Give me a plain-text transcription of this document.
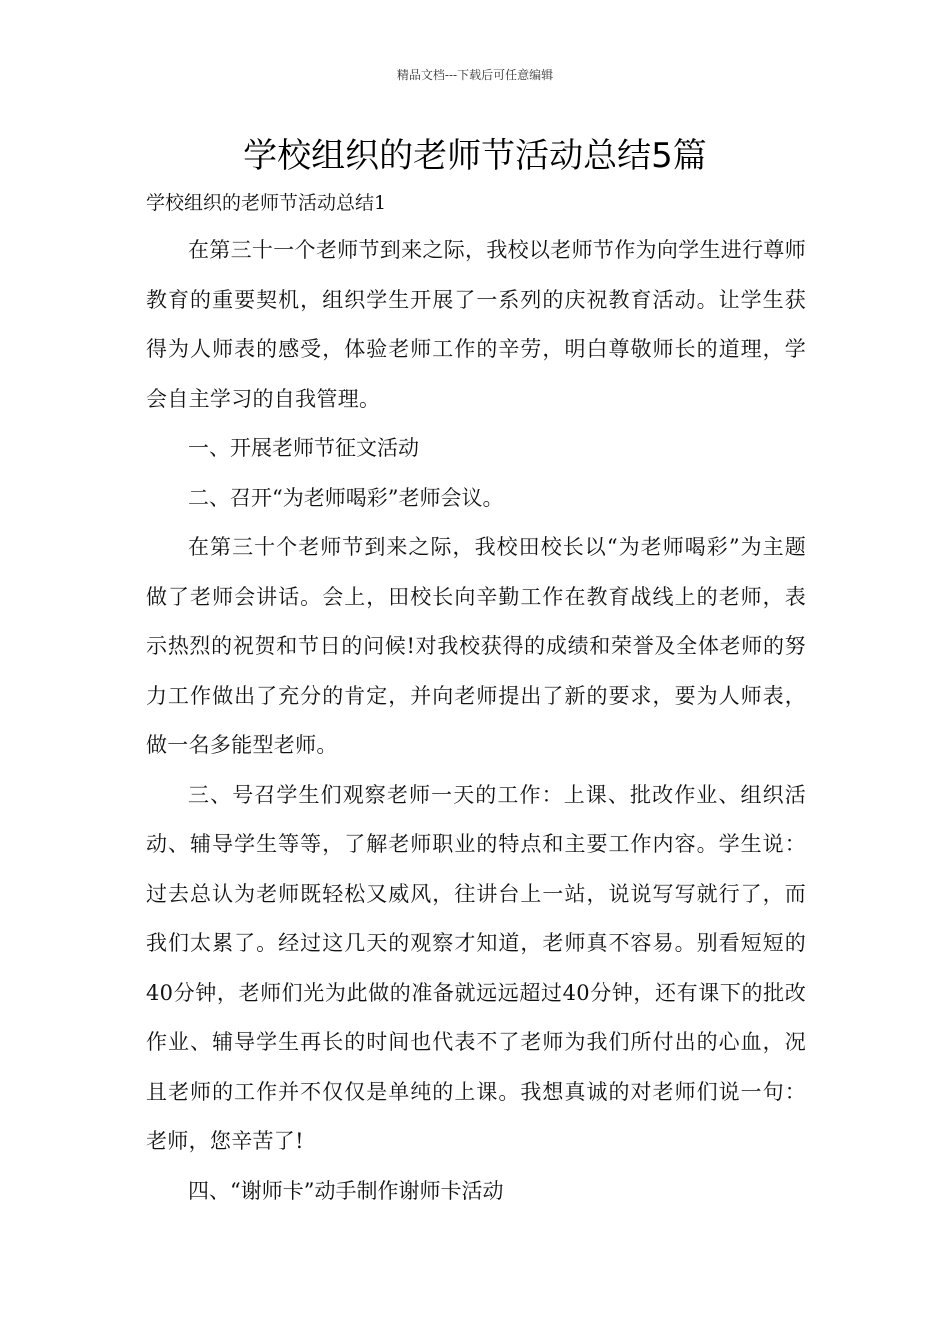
精品文档---下载后可任意编辑
学校组织的老师节活动总结5篇

学校组织的老师节活动总结1

在第三十一个老师节到来之际，我校以老师节作为向学生进行尊师教育的重要契机，组织学生开展了一系列的庆祝教育活动。让学生获得为人师表的感受，体验老师工作的辛劳，明白尊敬师长的道理，学会自主学习的自我管理。

一、开展老师节征文活动

二、召开“为老师喝彩”老师会议。

在第三十个老师节到来之际，我校田校长以“为老师喝彩”为主题做了老师会讲话。会上，田校长向辛勤工作在教育战线上的老师，表示热烈的祝贺和节日的问候!对我校获得的成绩和荣誉及全体老师的努力工作做出了充分的肯定，并向老师提出了新的要求，要为人师表，做一名多能型老师。

三、号召学生们观察老师一天的工作：上课、批改作业、组织活动、辅导学生等等，了解老师职业的特点和主要工作内容。学生说：过去总认为老师既轻松又威风，往讲台上一站，说说写写就行了，而我们太累了。经过这几天的观察才知道，老师真不容易。别看短短的40分钟，老师们光为此做的准备就远远超过40分钟，还有课下的批改作业、辅导学生再长的时间也代表不了老师为我们所付出的心血，况且老师的工作并不仅仅是单纯的上课。我想真诚的对老师们说一句：老师，您辛苦了!

四、“谢师卡”动手制作谢师卡活动
